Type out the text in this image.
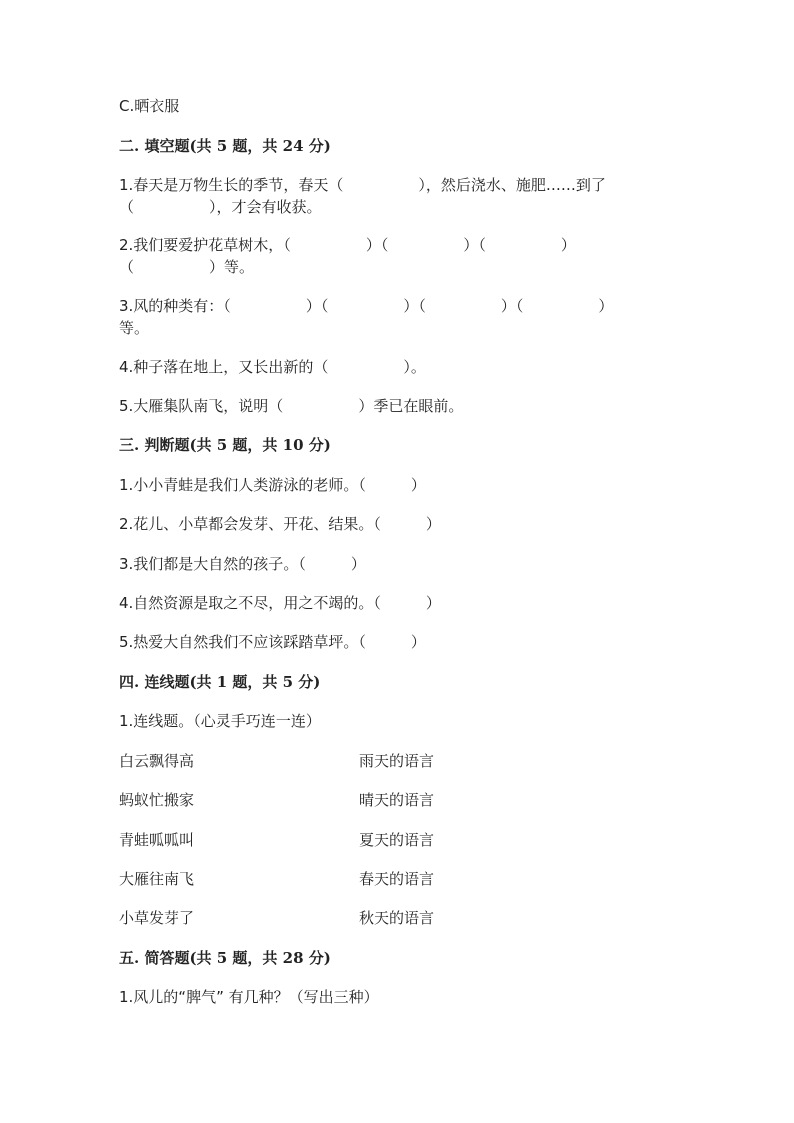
C.晒衣服
二. 填空题(共 5 题，共 24 分)
1.春天是万物生长的季节，春天（　　　　　），然后浇水、施肥……到了
（　　　　　），才会有收获。
2.我们要爱护花草树木，（　　　　　）（　　　　　）（　　　　　）
（　　　　　）等。
3.风的种类有：（　　　　　）（　　　　　）（　　　　　）（　　　　　）
等。
4.种子落在地上，又长出新的（　　　　　）。
5.大雁集队南飞，说明（　　　　　）季已在眼前。
三. 判断题(共 5 题，共 10 分)
1.小小青蛙是我们人类游泳的老师。（　　　）
2.花儿、小草都会发芽、开花、结果。（　　　）
3.我们都是大自然的孩子。（　　　）
4.自然资源是取之不尽，用之不竭的。（　　　）
5.热爱大自然我们不应该踩踏草坪。（　　　）
四. 连线题(共 1 题，共 5 分)
1.连线题。（心灵手巧连一连）
白云飘得高	雨天的语言
蚂蚁忙搬家	晴天的语言
青蛙呱呱叫	夏天的语言
大雁往南飞	春天的语言
小草发芽了	秋天的语言
五. 简答题(共 5 题，共 28 分)
1.风儿的“脾气” 有几种？（写出三种）
